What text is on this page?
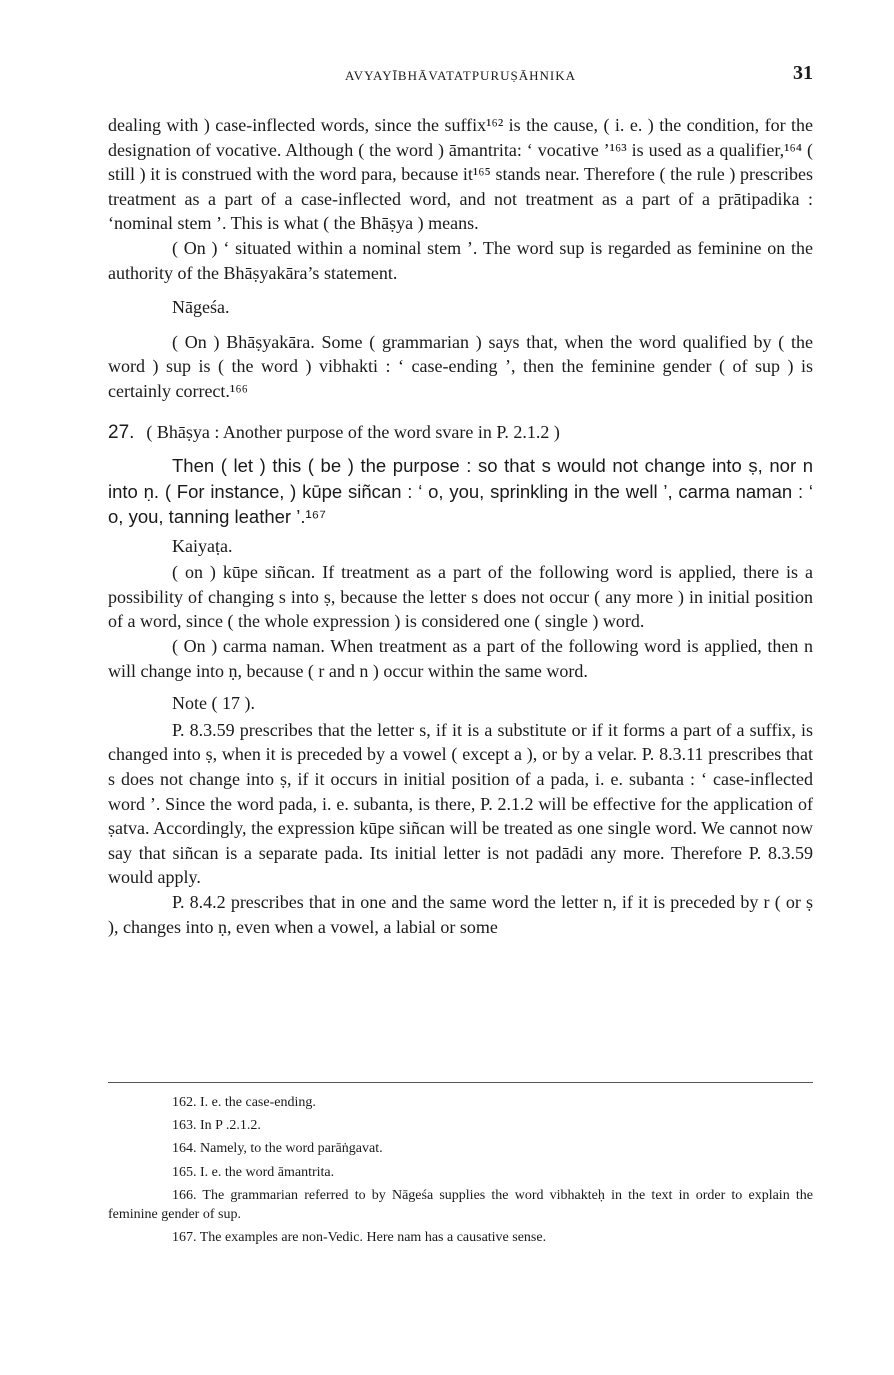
AVYAYĪBHĀVATATPURUṢĀHNIKA	31

dealing with ) case-inflected words, since the suffix¹⁶² is the cause, ( i. e. ) the condition, for the designation of vocative. Although ( the word ) āmantrita: ‘ vocative ’¹⁶³ is used as a qualifier,¹⁶⁴ ( still ) it is construed with the word para, because it¹⁶⁵ stands near. Therefore ( the rule ) prescribes treatment as a part of a case-inflected word, and not treatment as a part of a prātipadika : ‘nominal stem ’. This is what ( the Bhāṣya ) means.

( On ) ‘ situated within a nominal stem ’. The word sup is regarded as feminine on the authority of the Bhāṣyakāra’s statement.

Nāgeśa.

( On ) Bhāṣyakāra. Some ( grammarian ) says that, when the word qualified by ( the word ) sup is ( the word ) vibhakti : ‘ case-ending ’, then the feminine gender ( of sup ) is certainly correct.¹⁶⁶

27. ( Bhāṣya : Another purpose of the word svare in P. 2.1.2 )

Then ( let ) this ( be ) the purpose : so that s would not change into ṣ, nor n into ṇ. ( For instance, ) kūpe siñcan : ‘ o, you, sprinkling in the well ’, carma naman : ‘ o, you, tanning leather ’.¹⁶⁷

Kaiyaṭa.

( on ) kūpe siñcan. If treatment as a part of the following word is applied, there is a possibility of changing s into ṣ, because the letter s does not occur ( any more ) in initial position of a word, since ( the whole expression ) is considered one ( single ) word.

( On ) carma naman. When treatment as a part of the following word is applied, then n will change into ṇ, because ( r and n ) occur within the same word.

Note ( 17 ).

P. 8.3.59 prescribes that the letter s, if it is a substitute or if it forms a part of a suffix, is changed into ṣ, when it is preceded by a vowel ( except a ), or by a velar. P. 8.3.11 prescribes that s does not change into ṣ, if it occurs in initial position of a pada, i. e. subanta : ‘ case-inflected word ’. Since the word pada, i. e. subanta, is there, P. 2.1.2 will be effective for the application of ṣatva. Accordingly, the expression kūpe siñcan will be treated as one single word. We cannot now say that siñcan is a separate pada. Its initial letter is not padādi any more. Therefore P. 8.3.59 would apply.

P. 8.4.2 prescribes that in one and the same word the letter n, if it is preceded by r ( or ṣ ), changes into ṇ, even when a vowel, a labial or some

162. I. e. the case-ending.

163. In P .2.1.2.

164. Namely, to the word parāṅgavat.

165. I. e. the word āmantrita.

166. The grammarian referred to by Nāgeśa supplies the word vibhakteḥ in the text in order to explain the feminine gender of sup.

167. The examples are non-Vedic. Here nam has a causative sense.
